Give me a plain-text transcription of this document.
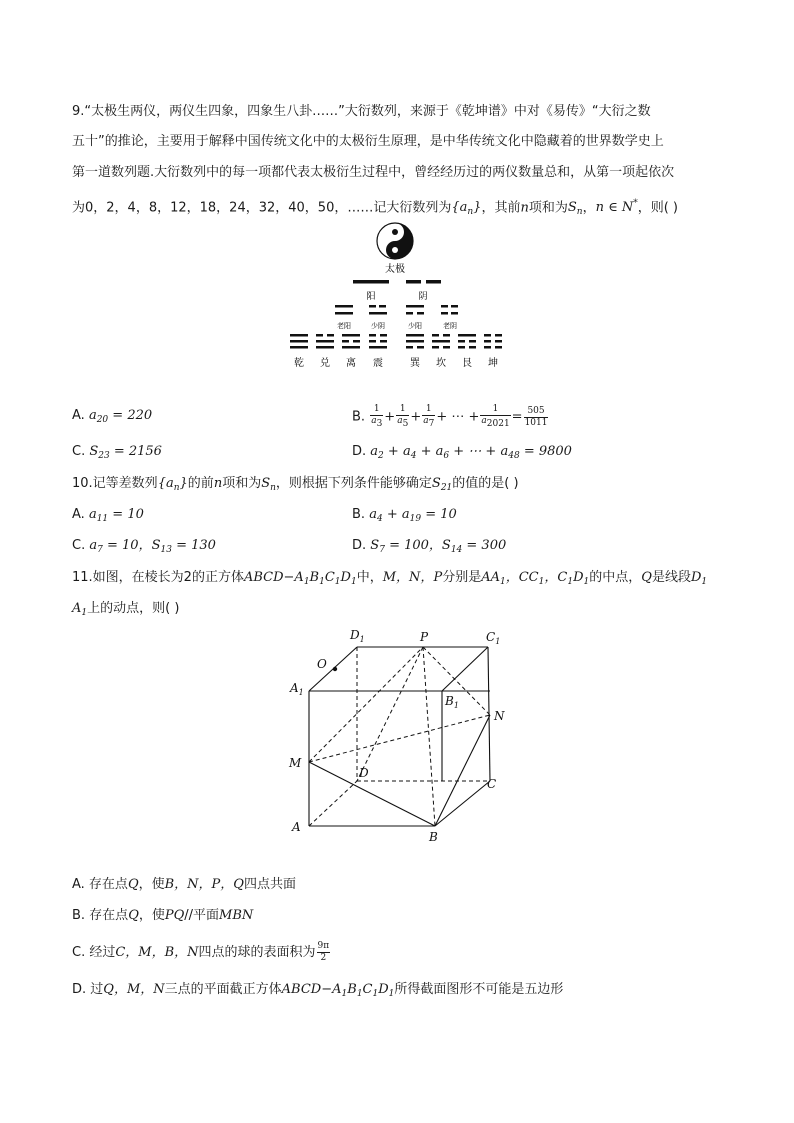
9.“太极生两仪，两仪生四象，四象生八卦……”大衍数列，来源于《乾坤谱》中对《易传》“大衍之数
五十”的推论，主要用于解释中国传统文化中的太极衍生原理，是中华传统文化中隐藏着的世界数学史上
第一道数列题.大衍数列中的每一项都代表太极衍生过程中，曾经经历过的两仪数量总和，从第一项起依次
为0，2，4，8，12，18，24，32，40，50，……记大衍数列为$\{a_n\}$，其前n项和为$S_n$，n ∈ N*，则( )
太极
阳	阴
老阳	少阴	少阳	老阴
乾 兑 离 震	巽 坎 艮 坤
A. $a_{20} = 220$	B. $\frac{1}{a_3} + \frac{1}{a_5} + \frac{1}{a_7}$ + ⋯ + $\frac{1}{a_{2021}} = \frac{505}{1011}$
C. $S_{23} = 2156$	D. $a_2 + a_4 + a_6$ + ⋯ + $a_{48} = 9800$
10.记等差数列$\{a_n\}$的前n项和为$S_n$，则根据下列条件能够确定$S_{21}$的值的是( )
A. $a_{11} = 10$	B. $a_4 + a_{19} = 10$
C. $a_7 = 10$，$S_{13} = 130$	D. $S_7 = 100$，$S_{14} = 300$
11.如图，在棱长为2的正方体$ABCD-A_1B_1C_1D_1$中，M，N，P分别是$AA_1$，$CC_1$，$C_1D_1$的中点，Q是线段$D_1$
$A_1$上的动点，则( )
$D_1$	P	$C_1$
O
$A_1$
$B_1$
N
M
D
C
A
B
A. 存在点Q，使B，N，P，Q四点共面
B. 存在点Q，使PQ//平面MBN
C. 经过C，M，B，N四点的球的表面积为 $\frac{9\pi}{2}$
D. 过Q，M，N三点的平面截正方体$ABCD-A_1B_1C_1D_1$所得截面图形不可能是五边形
